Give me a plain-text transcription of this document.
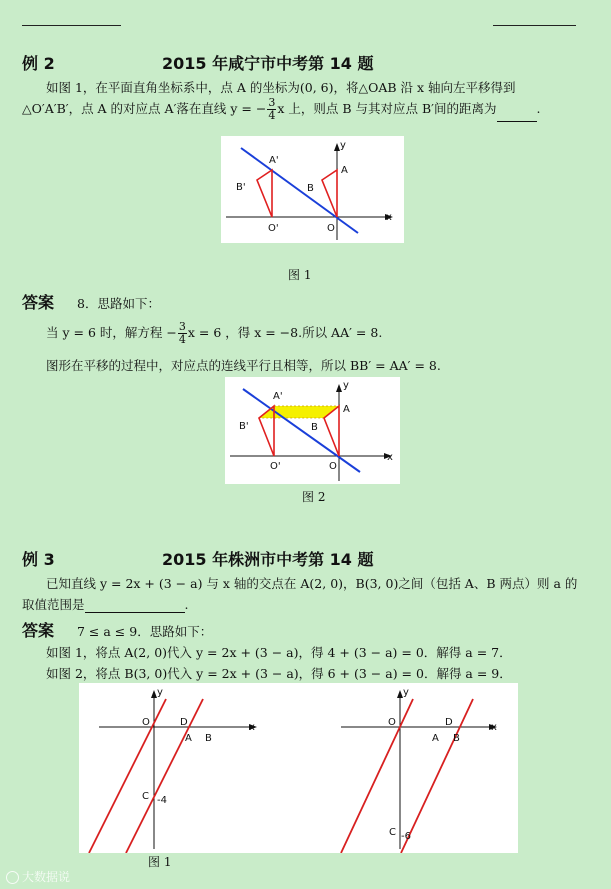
例 2	2015 年咸宁市中考第 14 题
如图 1，在平面直角坐标系中，点 A 的坐标为(0, 6)，将△OAB 沿 x 轴向左平移得到
△O′A′B′，点 A 的对应点 A′落在直线 y = − $\frac{3}{4}$ x 上，则点 B 与其对应点 B′间的距离为	.
A'
B'
O'
A
B
O
x
y
图 1
答案 8．思路如下：
当 y = 6 时，解方程 − $\frac{3}{4}$ x = 6 ，得 x = −8.所以 AA′ = 8.
图形在平移的过程中，对应点的连线平行且相等，所以 BB′ = AA′ = 8.
A'
B'
O'
A
B
O
x
y
图 2
例 3	2015 年株洲市中考第 14 题
已知直线 y = 2x + (3 − a) 与 x 轴的交点在 A(2, 0)，B(3, 0)之间（包括 A、B 两点）则 a 的
取值范围是	.
答案 7 ≤ a ≤ 9．思路如下：
如图 1，将点 A(2, 0)代入 y = 2x + (3 − a)，得 4 + (3 − a) = 0．解得 a = 7．
如图 2，将点 B(3, 0)代入 y = 2x + (3 − a)，得 6 + (3 − a) = 0．解得 a = 9．
O	D
A B
C -4
x
y
O	D
A B
C -6
x
y
图 1
大数据说
